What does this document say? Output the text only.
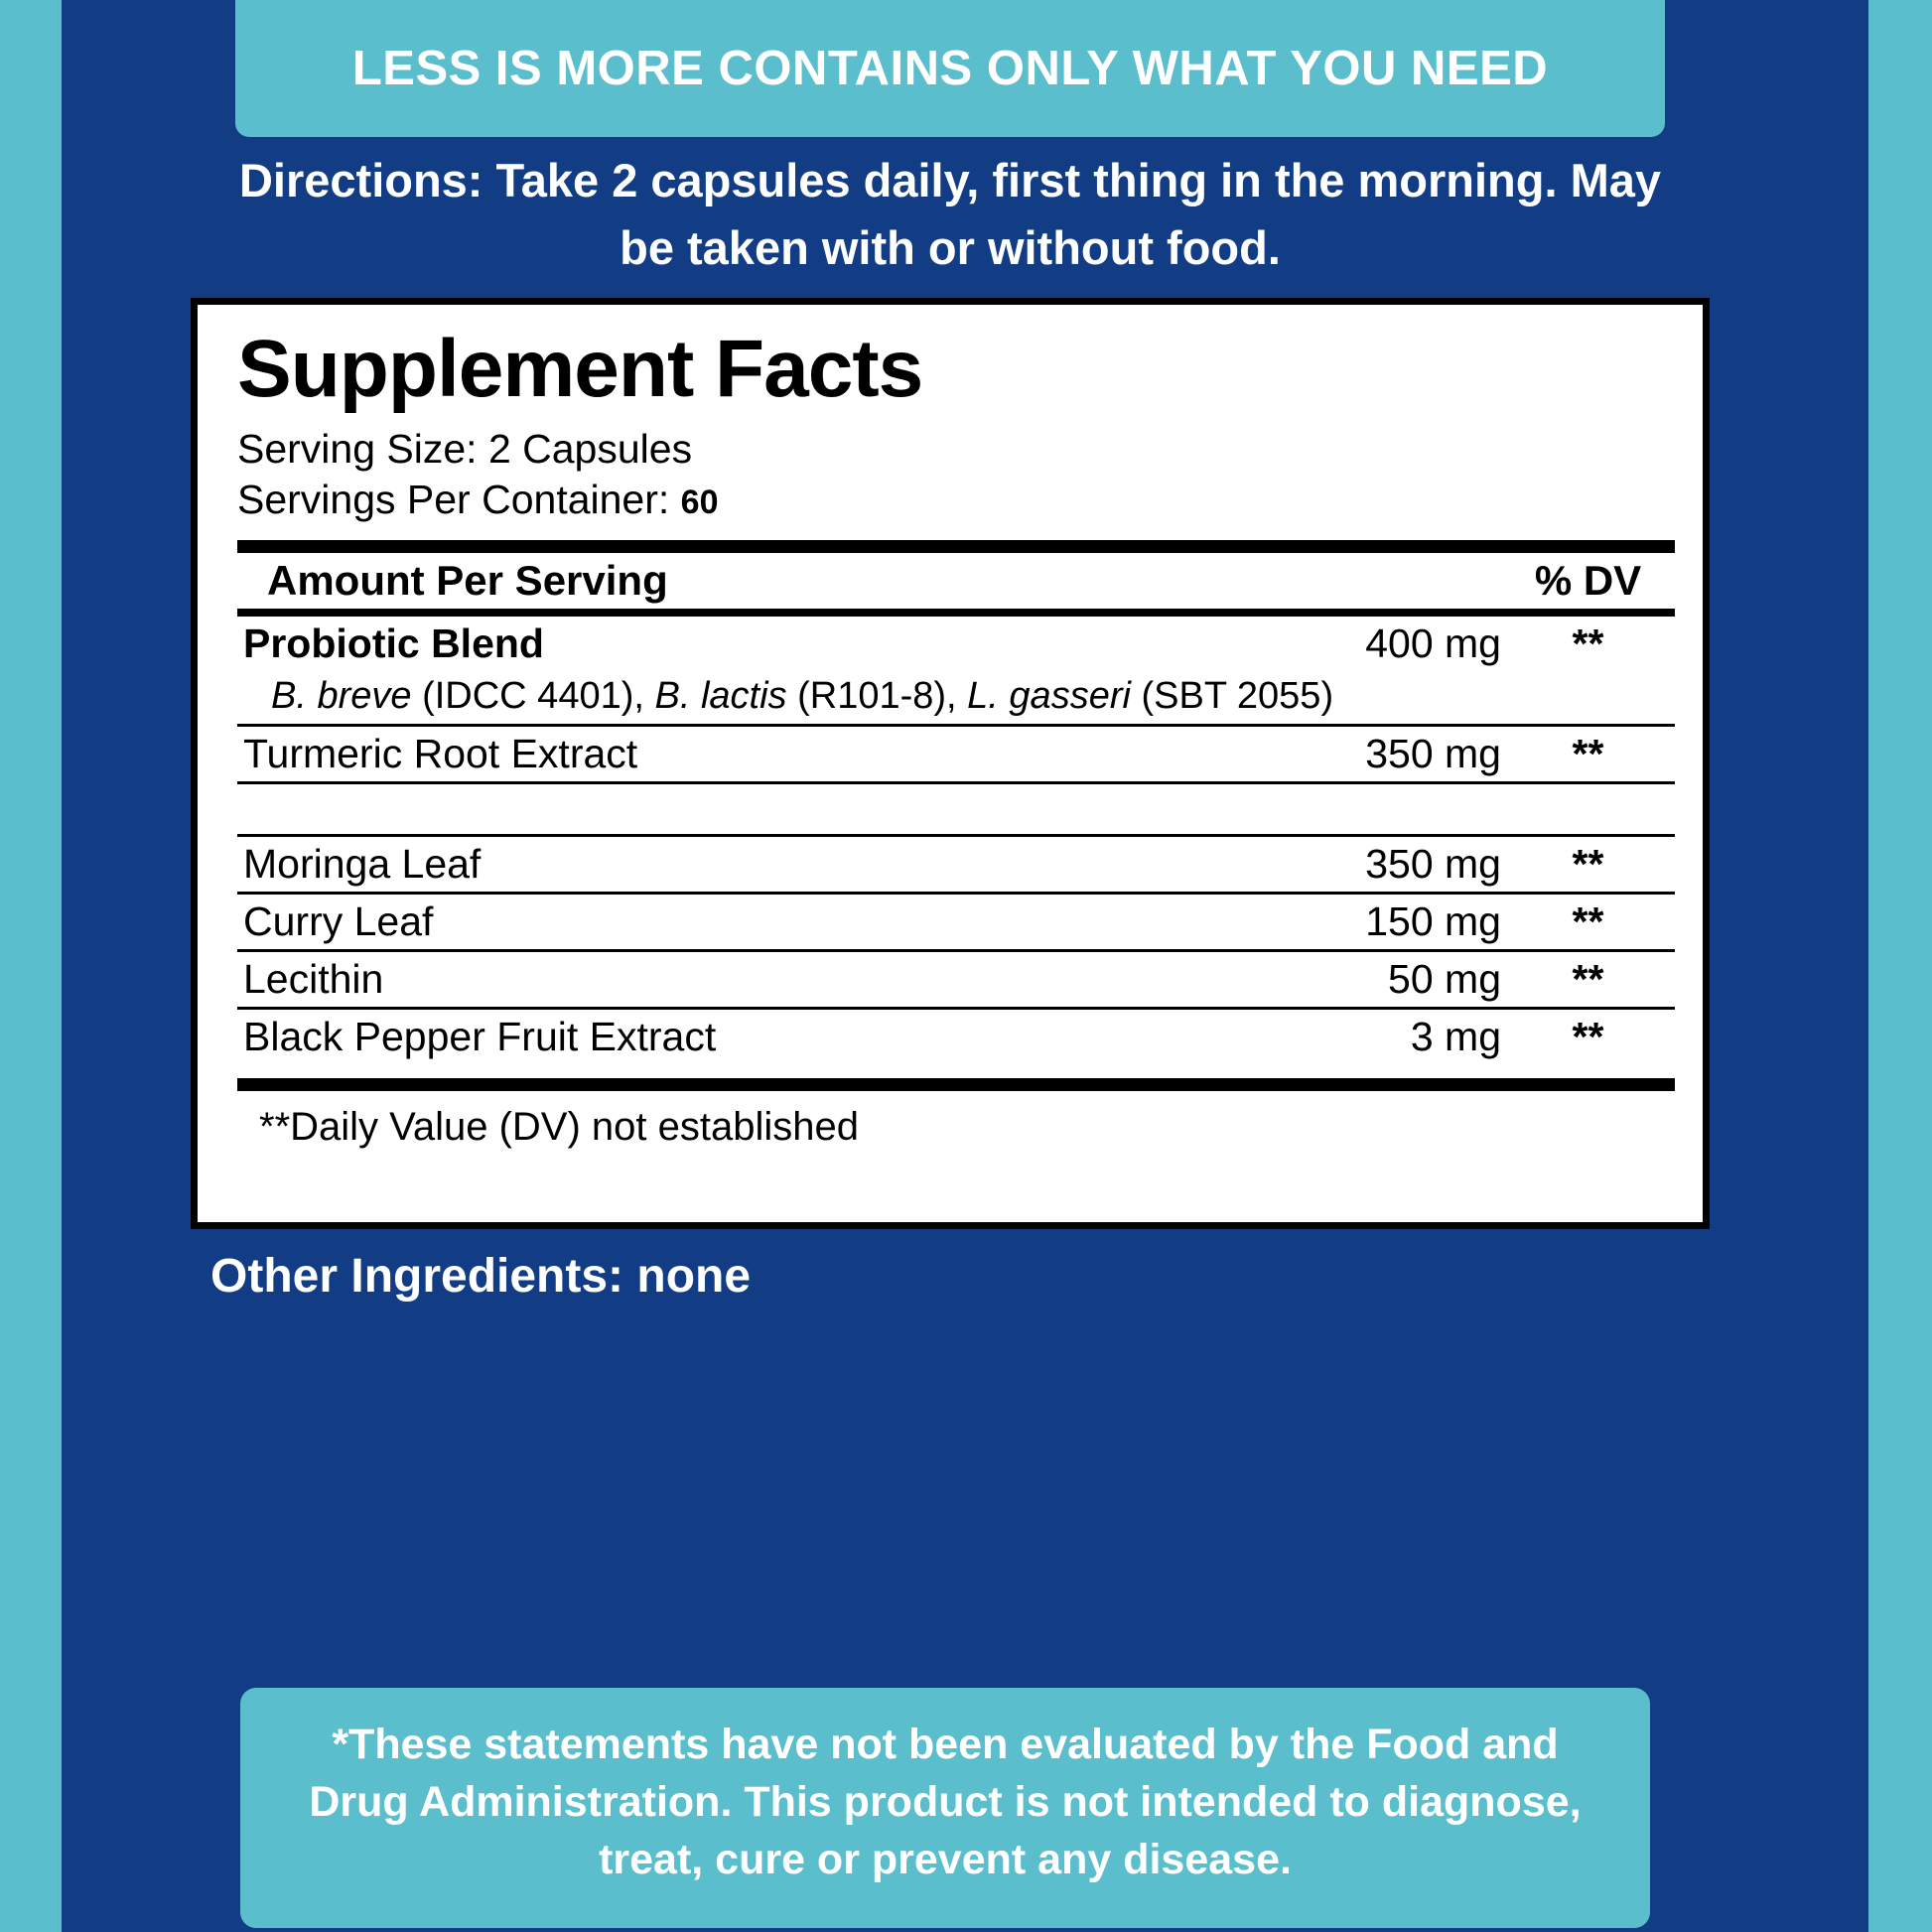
LESS IS MORE CONTAINS ONLY WHAT YOU NEED
Directions: Take 2 capsules daily, first thing in the morning. May be taken with or without food.
Supplement Facts
Serving Size: 2 Capsules
Servings Per Container: 60
Amount Per Serving	% DV
Probiotic Blend	400 mg	**
B. breve (IDCC 4401), B. lactis (R101-8), L. gasseri (SBT 2055)
Turmeric Root Extract	350 mg	**
Moringa Leaf	350 mg	**
Curry Leaf	150 mg	**
Lecithin	50 mg	**
Black Pepper Fruit Extract	3 mg	**
**Daily Value (DV) not established
Other Ingredients: none
*These statements have not been evaluated by the Food and Drug Administration. This product is not intended to diagnose, treat, cure or prevent any disease.
